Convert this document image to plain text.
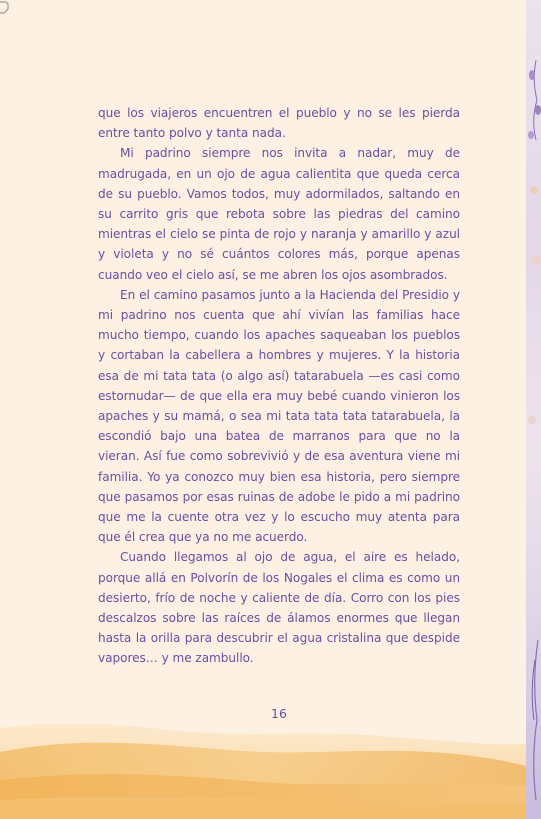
que los viajeros encuentren el pueblo y no se les pierda entre tanto polvo y tanta nada.

Mi padrino siempre nos invita a nadar, muy de madrugada, en un ojo de agua calientita que queda cerca de su pueblo. Vamos todos, muy adormilados, saltando en su carrito gris que rebota sobre las piedras del camino mientras el cielo se pinta de rojo y naranja y amarillo y azul y violeta y no sé cuántos colores más, porque apenas cuando veo el cielo así, se me abren los ojos asombrados.

En el camino pasamos junto a la Hacienda del Presidio y mi padrino nos cuenta que ahí vivían las familias hace mucho tiempo, cuando los apaches saqueaban los pueblos y cortaban la cabellera a hombres y mujeres. Y la historia esa de mi tata tata (o algo así) tatarabuela —es casi como estornudar— de que ella era muy bebé cuando vinieron los apaches y su mamá, o sea mi tata tata tata tatarabuela, la escondió bajo una batea de marranos para que no la vieran. Así fue como sobrevivió y de esa aventura viene mi familia. Yo ya conozco muy bien esa historia, pero siempre que pasamos por esas ruinas de adobe le pido a mi padrino que me la cuente otra vez y lo escucho muy atenta para que él crea que ya no me acuerdo.

Cuando llegamos al ojo de agua, el aire es helado, porque allá en Polvorín de los Nogales el clima es como un desierto, frío de noche y caliente de día. Corro con los pies descalzos sobre las raíces de álamos enormes que llegan hasta la orilla para descubrir el agua cristalina que despide vapores… y me zambullo.

16
